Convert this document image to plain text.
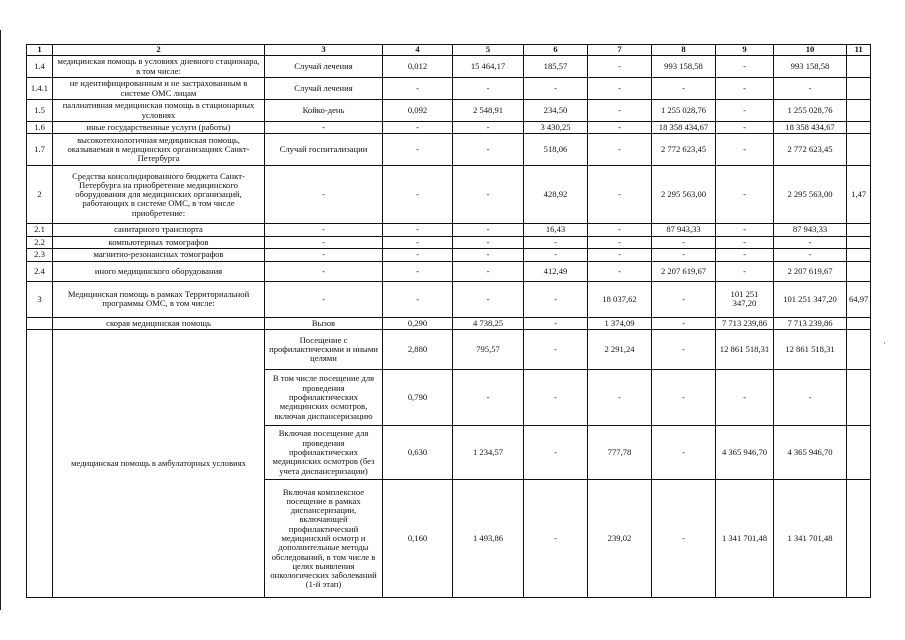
·
1	2	3	4	5	6	7	8	9	10	11
1.4	медицинская помощь в условиях дневного стационара, в том числе:	Случай лечения	0,012	15 464,17	185,57	-	993 158,58	-	993 158,58	
1.4.1	не идентифицированным и не застрахованным в системе ОМС лицам	Случай лечения	-	-	-	-	-	-	-	
1.5	паллиативная медицинская помощь в стационарных условиях	Койко-день	0,092	2 548,91	234,50	-	1 255 028,76	-	1 255 028,76	
1.6	иные государственные услуги (работы)	-	-	-	3 430,25	-	18 358 434,67	-	18 358 434,67	
1.7	высокотехнологичная медицинская помощь, оказываемая в медицинских организациях Санкт-Петербурга	Случай госпитализации	-	-	518,06	-	2 772 623,45	-	2 772 623,45	
2	Средства консолидированного бюджета Санкт-Петербурга на приобретение медицинского оборудования для медицинских организаций, работающих в системе ОМС, в том числе приобретение:	-	-	-	428,92	-	2 295 563,00	-	2 295 563,00	1,47
2.1	санитарного транспорта	-	-	-	16,43	-	87 943,33	-	87 943,33	
2.2	компьютерных томографов	-	-	-	-	-	-	-	-	
2.3	магнитно-резонансных томографов	-	-	-	-	-	-	-	-	
2.4	иного медицинского оборудования	-	-	-	412,49	-	2 207 619,67	-	2 207 619,67	
3	Медицинская помощь в рамках Территориальной программы ОМС, в том числе:	-	-	-	-	18 037,62	-	101 251 347,20	101 251 347,20	64,97
	скорая медицинская помощь	Вызов	0,290	4 738,25	-	1 374,09	-	7 713 239,86	7 713 239,86	
	медицинская помощь в амбулаторных условиях	Посещение с профилактическими и иными целями	2,880	795,57	-	2 291,24	-	12 861 518,31	12 861 518,31	
		В том числе посещение для проведения профилактических медицинских осмотров, включая диспансеризацию	0,790	-	-	-	-	-	-	
		Включая посещение для проведения профилактических медицинских осмотров (без учета диспансеризации)	0,630	1 234,57	-	777,78	-	4 365 946,70	4 365 946,70	
		Включая комплексное посещение в рамках диспансеризации, включающей профилактический медицинский осмотр и дополнительные методы обследований, в том числе в целях выявления онкологических заболеваний (1-й этап)	0,160	1 493,86	-	239,02	-	1 341 701,48	1 341 701,48	
